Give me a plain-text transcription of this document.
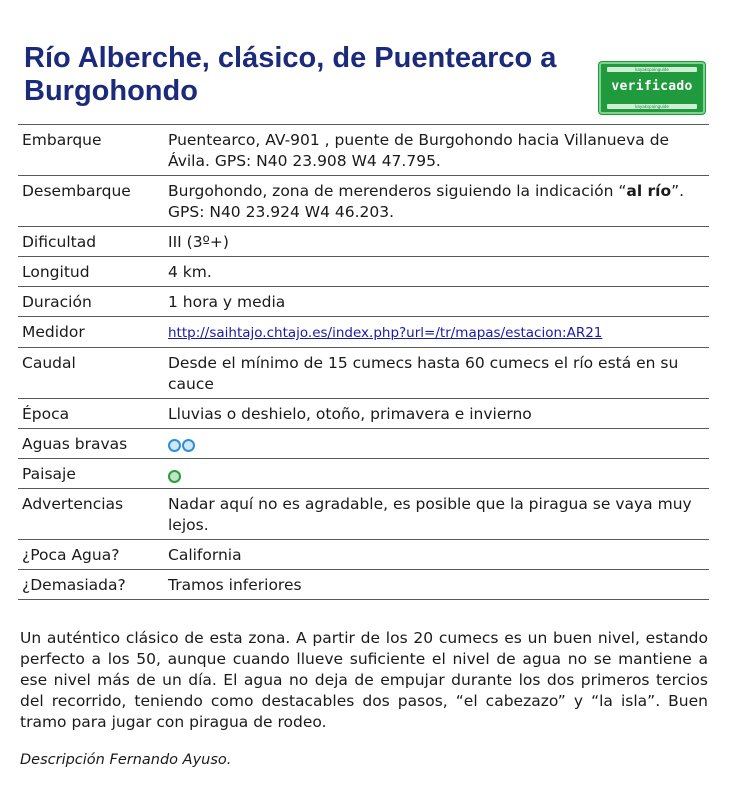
Río Alberche, clásico, de Puentearco a Burgohondo
kayakspainguide
verificado
kayakspainguide
Embarque	Puentearco, AV-901 , puente de Burgohondo hacia Villanueva de Ávila. GPS: N40 23.908 W4 47.795.
Desembarque	Burgohondo, zona de merenderos siguiendo la indicación “al río”. GPS: N40 23.924 W4 46.203.
Dificultad	III (3º+)
Longitud	4 km.
Duración	1 hora y media
Medidor	http://saihtajo.chtajo.es/index.php?url=/tr/mapas/estacion:AR21
Caudal	Desde el mínimo de 15 cumecs hasta 60 cumecs el río está en su cauce
Época	Lluvias o deshielo, otoño, primavera e invierno
Aguas bravas	

Paisaje	
Advertencias	Nadar aquí no es agradable, es posible que la piragua se vaya muy lejos.
¿Poca Agua?	California
¿Demasiada?	Tramos inferiores

Un auténtico clásico de esta zona. A partir de los 20 cumecs es un buen nivel, estando perfecto a los 50, aunque cuando llueve suficiente el nivel de agua no se mantiene a ese nivel más de un día. El agua no deja de empujar durante los dos primeros tercios del recorrido, teniendo como destacables dos pasos, “el cabezazo” y “la isla”. Buen tramo para jugar con piragua de rodeo.

Descripción Fernando Ayuso.
